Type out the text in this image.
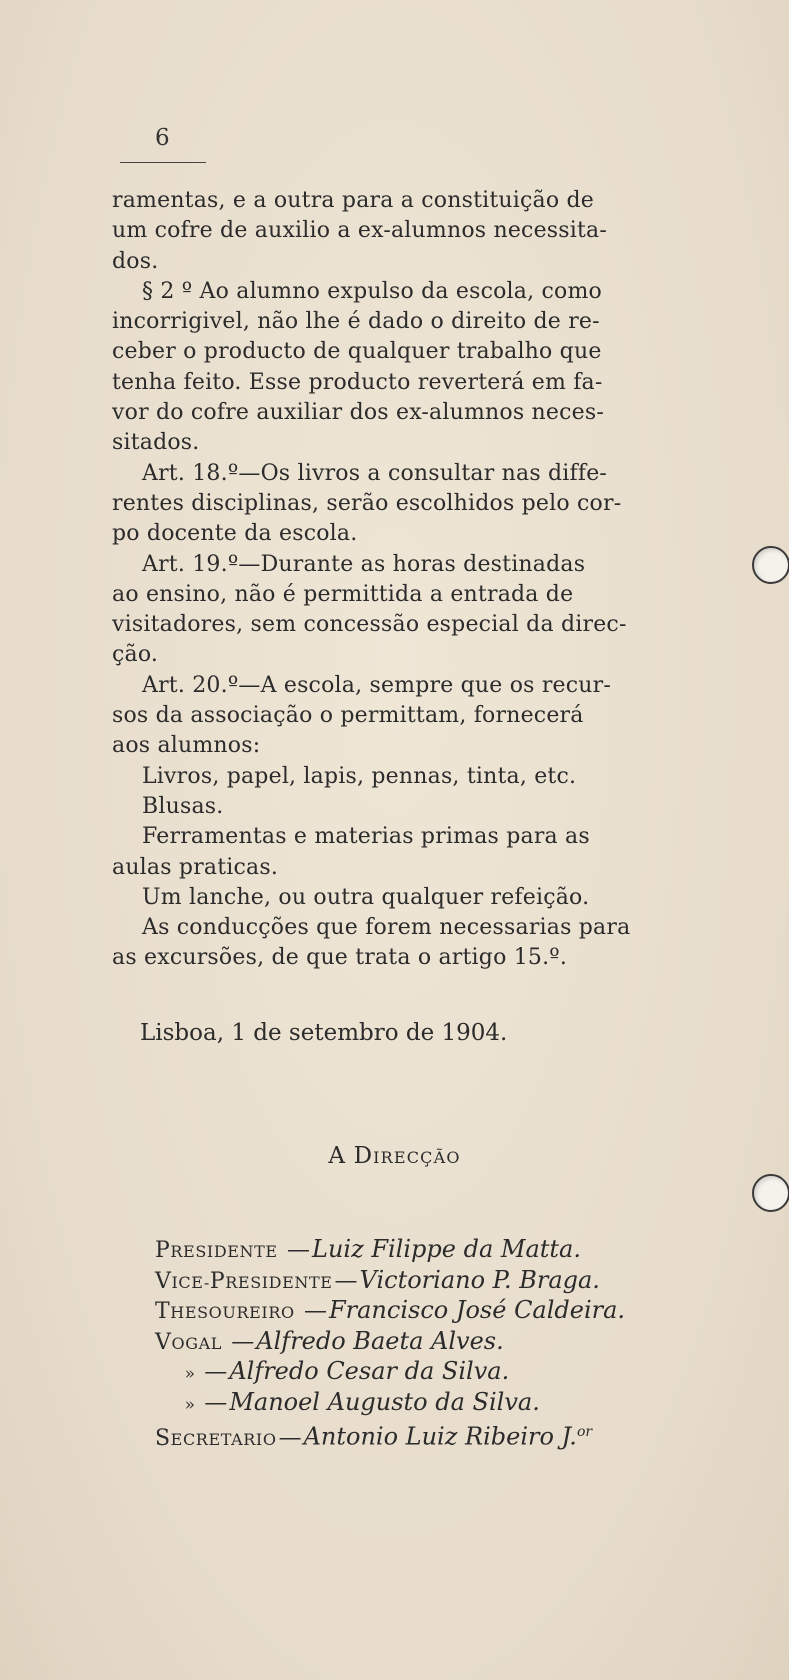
6
ramentas, e a outra para a constituição de
um cofre de auxilio a ex-alumnos necessita-
dos.
§ 2 º Ao alumno expulso da escola, como
incorrigivel, não lhe é dado o direito de re-
ceber o producto de qualquer trabalho que
tenha feito. Esse producto reverterá em fa-
vor do cofre auxiliar dos ex-alumnos neces-
sitados.
Art. 18.º—Os livros a consultar nas diffe-
rentes disciplinas, serão escolhidos pelo cor-
po docente da escola.
Art. 19.º—Durante as horas destinadas
ao ensino, não é permittida a entrada de
visitadores, sem concessão especial da direc-
ção.
Art. 20.º—A escola, sempre que os recur-
sos da associação o permittam, fornecerá
aos alumnos:
Livros, papel, lapis, pennas, tinta, etc.
Blusas.
Ferramentas e materias primas para as
aulas praticas.
Um lanche, ou outra qualquer refeição.
As conducções que forem necessarias para
as excursões, de que trata o artigo 15.º.
Lisboa, 1 de setembro de 1904.
A DIRECÇÃO
PRESIDENTE —Luiz Filippe da Matta.
VICE-PRESIDENTE—Victoriano P. Braga.
THESOUREIRO —Francisco José Caldeira.
VOGAL —Alfredo Baeta Alves.
» —Alfredo Cesar da Silva.
» —Manoel Augusto da Silva.
SECRETARIO—Antonio Luiz Ribeiro J.$^{or}$
